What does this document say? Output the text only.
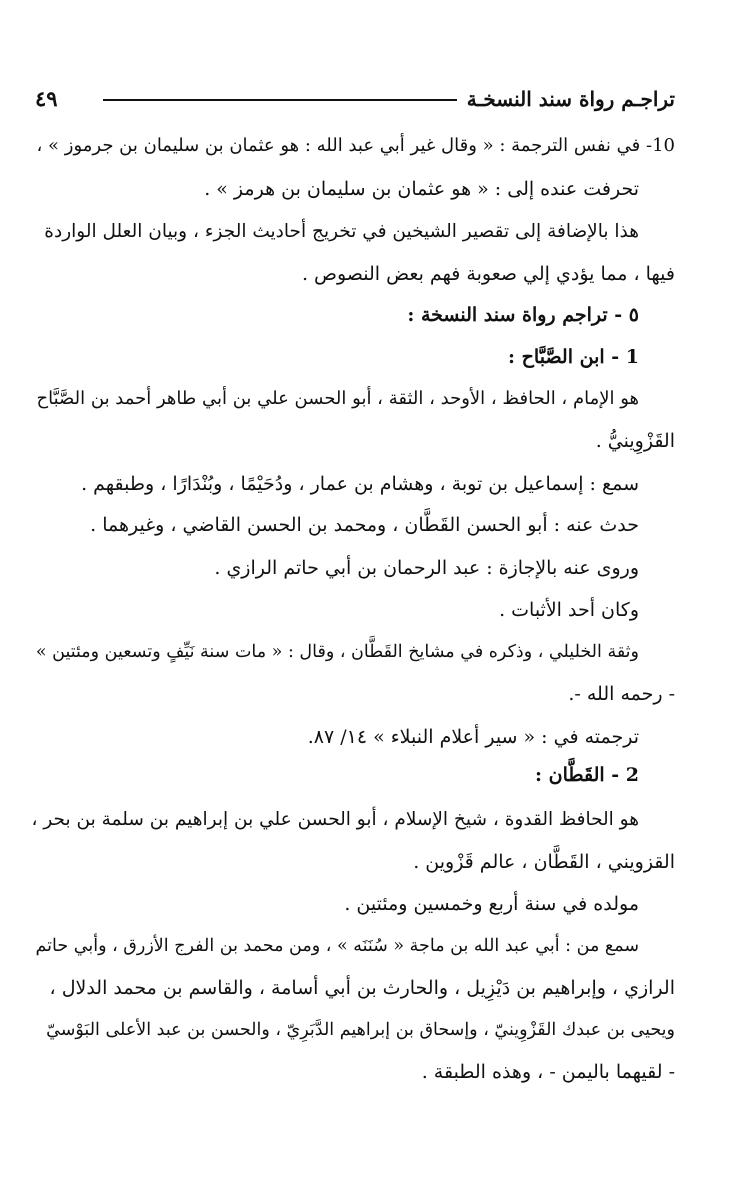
تراجـم رواة سند النسخـة
٤٩
10- في نفس الترجمة : « وقال غير أبي عبد الله : هو عثمان بن سليمان بن جرموز » ،
تحرفت عنده إلى : « هو عثمان بن سليمان بن هرمز » .
هذا بالإضافة إلى تقصير الشيخين في تخريج أحاديث الجزء ، وبيان العلل الواردة
فيها ، مما يؤدي إلي صعوبة فهم بعض النصوص .
٥ - تراجم رواة سند النسخة :
1 - ابن الصَّبَّاح :
هو الإمام ، الحافظ ، الأوحد ، الثقة ، أبو الحسن علي بن أبي طاهر أحمد بن الصَّبَّاح
القَزْوِينيُّ .
سمع : إسماعيل بن توبة ، وهشام بن عمار ، ودُحَيْمًا ، وبُنْدَارًا ، وطبقهم .
حدث عنه : أبو الحسن القَطَّان ، ومحمد بن الحسن القاضي ، وغيرهما .
وروى عنه بالإجازة : عبد الرحمان بن أبي حاتم الرازي .
وكان أحد الأثبات .
وثقة الخليلي ، وذكره في مشايخ القَطَّان ، وقال : « مات سنة نَيِّفٍ وتسعين ومئتين »
- رحمه الله -.
ترجمته في : « سير أعلام النبلاء » ١٤/ ٨٧.
2 - القَطَّان :
هو الحافظ القدوة ، شيخ الإسلام ، أبو الحسن علي بن إبراهيم بن سلمة بن بحر ،
القزويني ، القَطَّان ، عالم قَزْوين .
مولده في سنة أربع وخمسين ومئتين .
سمع من : أبي عبد الله بن ماجة « سُنَنَه » ، ومن محمد بن الفرج الأزرق ، وأبي حاتم
الرازي ، وإبراهيم بن دَيْزِيل ، والحارث بن أبي أسامة ، والقاسم بن محمد الدلال ،
ويحيى بن عبدك القَزْوِينيّ ، وإسحاق بن إبراهيم الدَّبَرِيّ ، والحسن بن عبد الأعلى البَوْسيّ
- لقيهما باليمن - ، وهذه الطبقة .
